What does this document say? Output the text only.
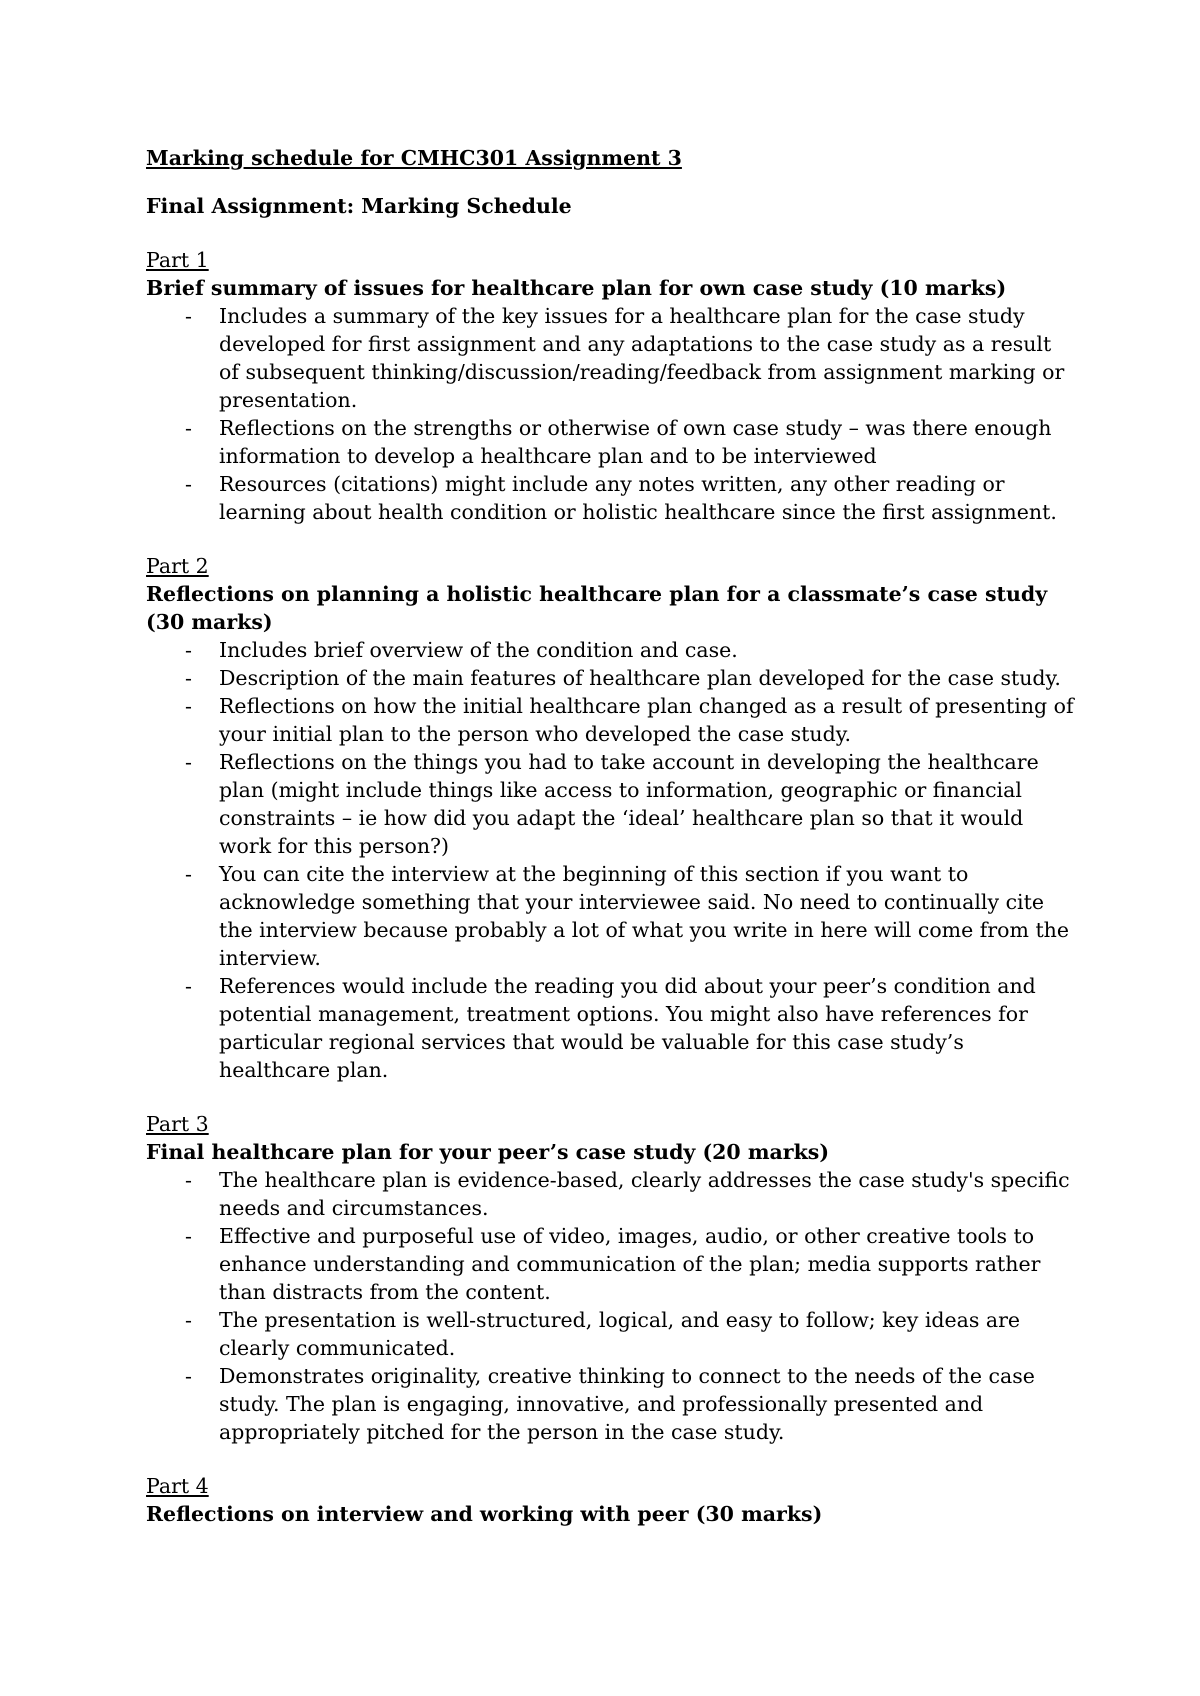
Marking schedule for CMHC301 Assignment 3

Final Assignment: Marking Schedule

Part 1
Brief summary of issues for healthcare plan for own case study (10 marks)
- Includes a summary of the key issues for a healthcare plan for the case study developed for first assignment and any adaptations to the case study as a result of subsequent thinking/discussion/reading/feedback from assignment marking or presentation.
- Reflections on the strengths or otherwise of own case study – was there enough information to develop a healthcare plan and to be interviewed
- Resources (citations) might include any notes written, any other reading or learning about health condition or holistic healthcare since the first assignment.
Part 2
Reflections on planning a holistic healthcare plan for a classmate’s case study (30 marks)
- Includes brief overview of the condition and case.
- Description of the main features of healthcare plan developed for the case study.
- Reflections on how the initial healthcare plan changed as a result of presenting of your initial plan to the person who developed the case study.
- Reflections on the things you had to take account in developing the healthcare plan (might include things like access to information, geographic or financial constraints – ie how did you adapt the ‘ideal’ healthcare plan so that it would work for this person?)
- You can cite the interview at the beginning of this section if you want to acknowledge something that your interviewee said. No need to continually cite the interview because probably a lot of what you write in here will come from the interview.
- References would include the reading you did about your peer’s condition and potential management, treatment options. You might also have references for particular regional services that would be valuable for this case study’s healthcare plan.
Part 3
Final healthcare plan for your peer’s case study (20 marks)
- The healthcare plan is evidence-based, clearly addresses the case study's specific needs and circumstances.
- Effective and purposeful use of video, images, audio, or other creative tools to enhance understanding and communication of the plan; media supports rather than distracts from the content.
- The presentation is well-structured, logical, and easy to follow; key ideas are clearly communicated.
- Demonstrates originality, creative thinking to connect to the needs of the case study. The plan is engaging, innovative, and professionally presented and appropriately pitched for the person in the case study.
Part 4
Reflections on interview and working with peer (30 marks)
